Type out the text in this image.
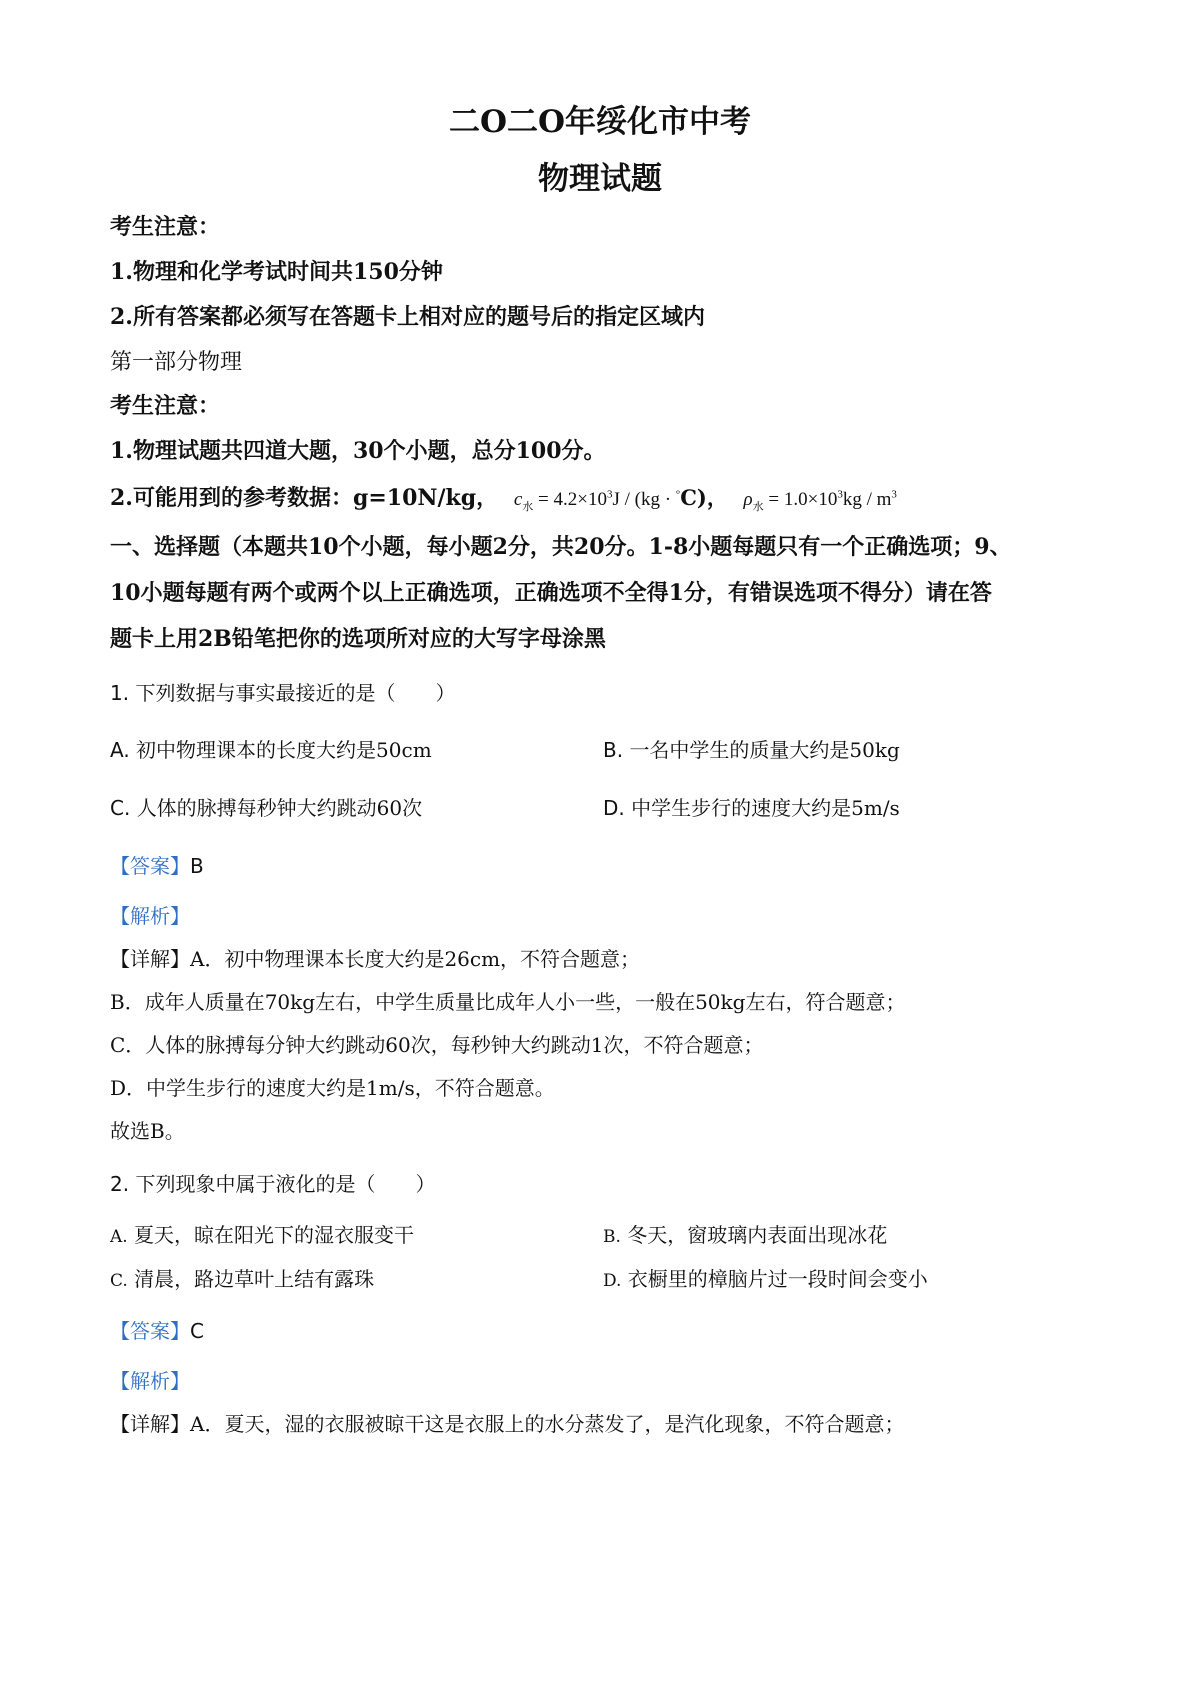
二O二O年绥化市中考
物理试题
考生注意：
1.物理和化学考试时间共150分钟
2.所有答案都必须写在答题卡上相对应的题号后的指定区域内
第一部分物理
考生注意：
1.物理试题共四道大题，30个小题，总分100分。
2.可能用到的参考数据：g=10N/kg， $c_水 = 4.2\times 10^3J / (kg \cdot ^\circ C)$， $\rho_水 = 1.0\times 10^3kg / m^3$
一、选择题（本题共10个小题，每小题2分，共20分。1-8小题每题只有一个正确选项；9、
10小题每题有两个或两个以上正确选项，正确选项不全得1分，有错误选项不得分）请在答
题卡上用2B铅笔把你的选项所对应的大写字母涂黑
1. 下列数据与事实最接近的是（　　）
A. 初中物理课本的长度大约是50cm	B. 一名中学生的质量大约是50kg
C. 人体的脉搏每秒钟大约跳动60次	D. 中学生步行的速度大约是5m/s
【答案】B
【解析】
【详解】A．初中物理课本长度大约是26cm，不符合题意；
B．成年人质量在70kg左右，中学生质量比成年人小一些，一般在50kg左右，符合题意；
C．人体的脉搏每分钟大约跳动60次，每秒钟大约跳动1次，不符合题意；
D．中学生步行的速度大约是1m/s，不符合题意。
故选B。
2. 下列现象中属于液化的是（　　）
A. 夏天，晾在阳光下的湿衣服变干	B. 冬天，窗玻璃内表面出现冰花
C. 清晨，路边草叶上结有露珠	D. 衣橱里的樟脑片过一段时间会变小
【答案】C
【解析】
【详解】A．夏天，湿的衣服被晾干这是衣服上的水分蒸发了，是汽化现象，不符合题意；
